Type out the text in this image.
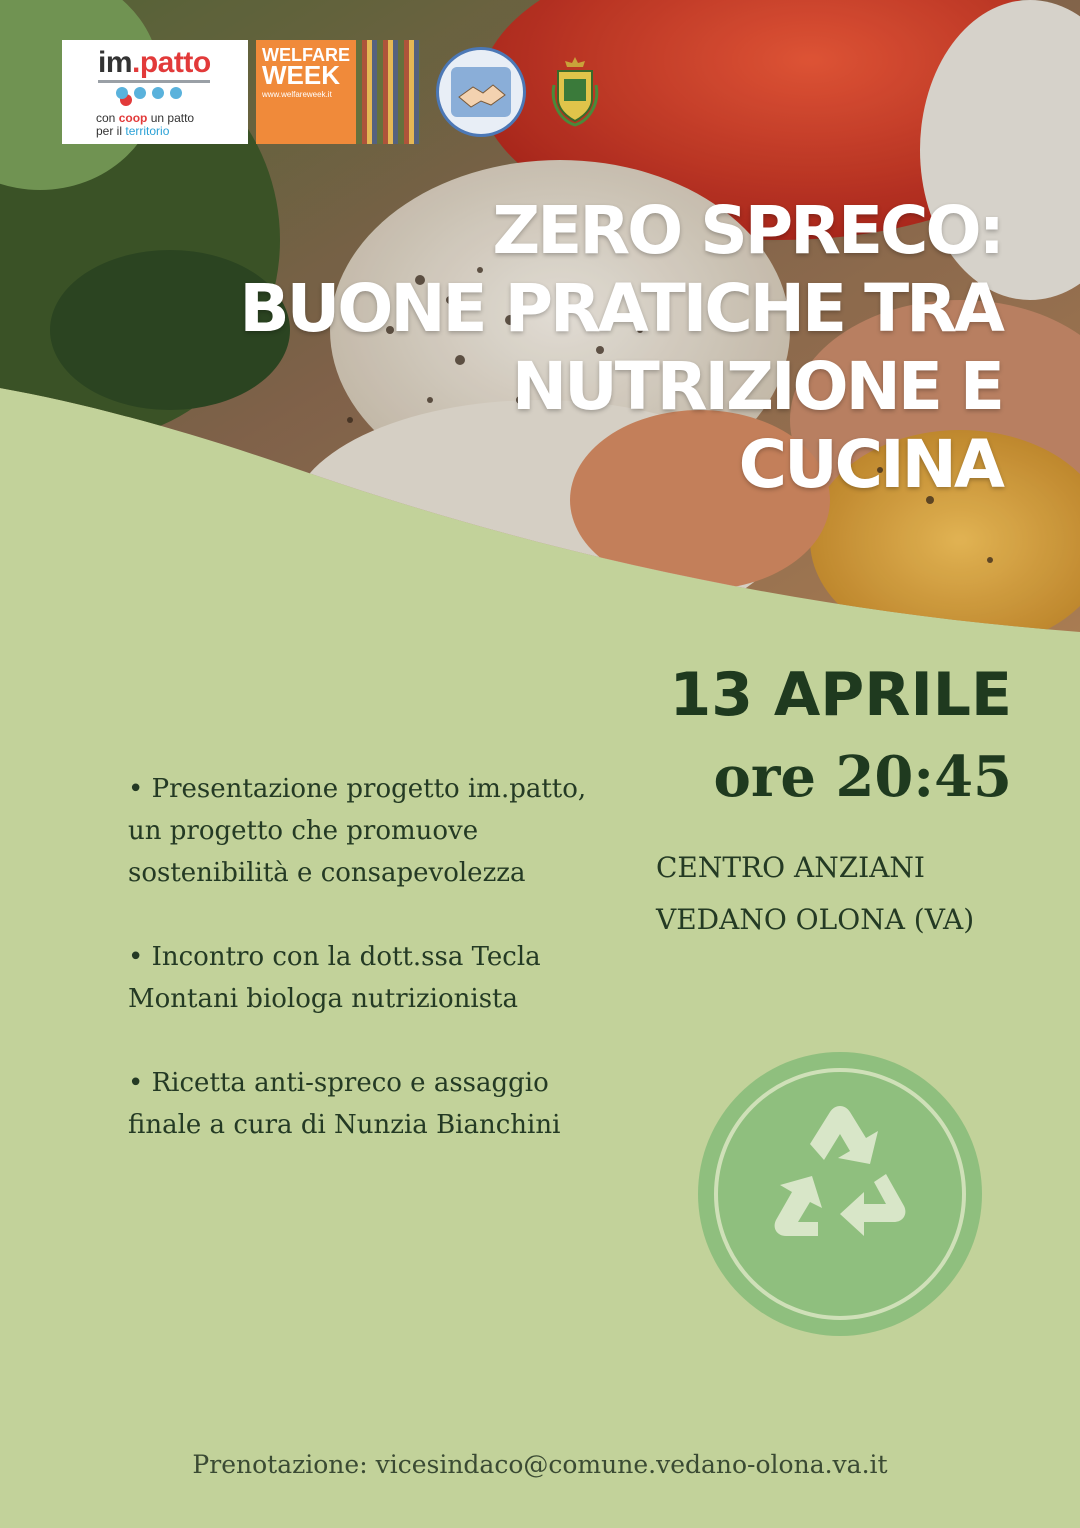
im.patto
con coop un patto
per il territorio
WELFARE
WEEK
www.welfareweek.it
ZERO SPRECO:
BUONE PRATICHE TRA
NUTRIZIONE E
CUCINA
13 APRILE
ore 20:45
CENTRO ANZIANI
VEDANO OLONA (VA)
• Presentazione progetto im.patto,
un progetto che promuove
sostenibilità e consapevolezza
• Incontro con la dott.ssa Tecla
Montani biologa nutrizionista
• Ricetta anti-spreco e assaggio
finale a cura di Nunzia Bianchini
Prenotazione: vicesindaco@comune.vedano-olona.va.it
